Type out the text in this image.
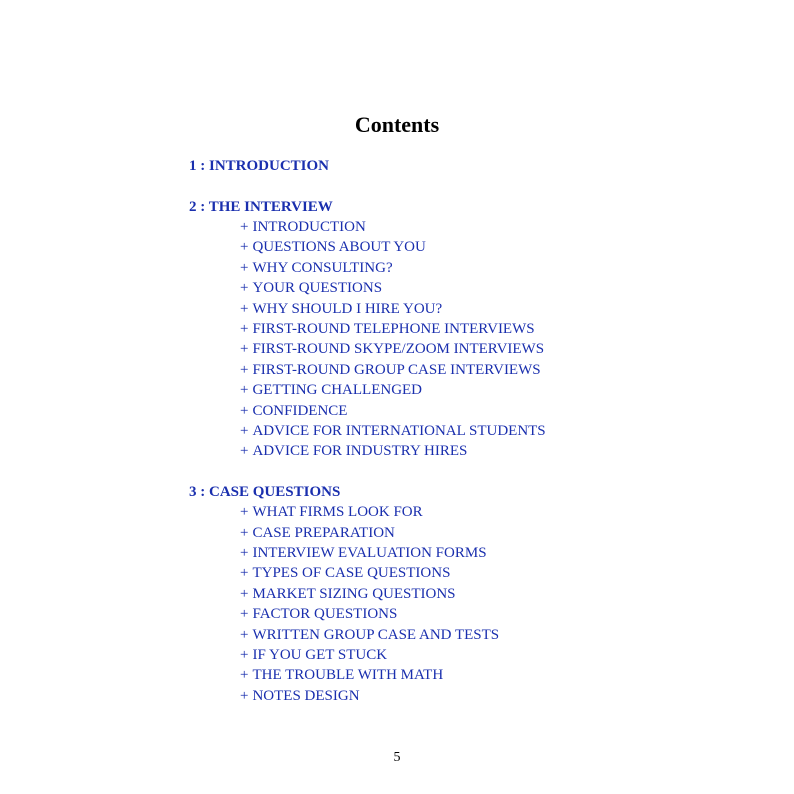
Contents
1 : INTRODUCTION
2 : THE INTERVIEW
+ INTRODUCTION
+ QUESTIONS ABOUT YOU
+ WHY CONSULTING?
+ YOUR QUESTIONS
+ WHY SHOULD I HIRE YOU?
+ FIRST-ROUND TELEPHONE INTERVIEWS
+ FIRST-ROUND SKYPE/ZOOM INTERVIEWS
+ FIRST-ROUND GROUP CASE INTERVIEWS
+ GETTING CHALLENGED
+ CONFIDENCE
+ ADVICE FOR INTERNATIONAL STUDENTS
+ ADVICE FOR INDUSTRY HIRES
3 : CASE QUESTIONS
+ WHAT FIRMS LOOK FOR
+ CASE PREPARATION
+ INTERVIEW EVALUATION FORMS
+ TYPES OF CASE QUESTIONS
+ MARKET SIZING QUESTIONS
+ FACTOR QUESTIONS
+ WRITTEN GROUP CASE AND TESTS
+ IF YOU GET STUCK
+ THE TROUBLE WITH MATH
+ NOTES DESIGN
5
